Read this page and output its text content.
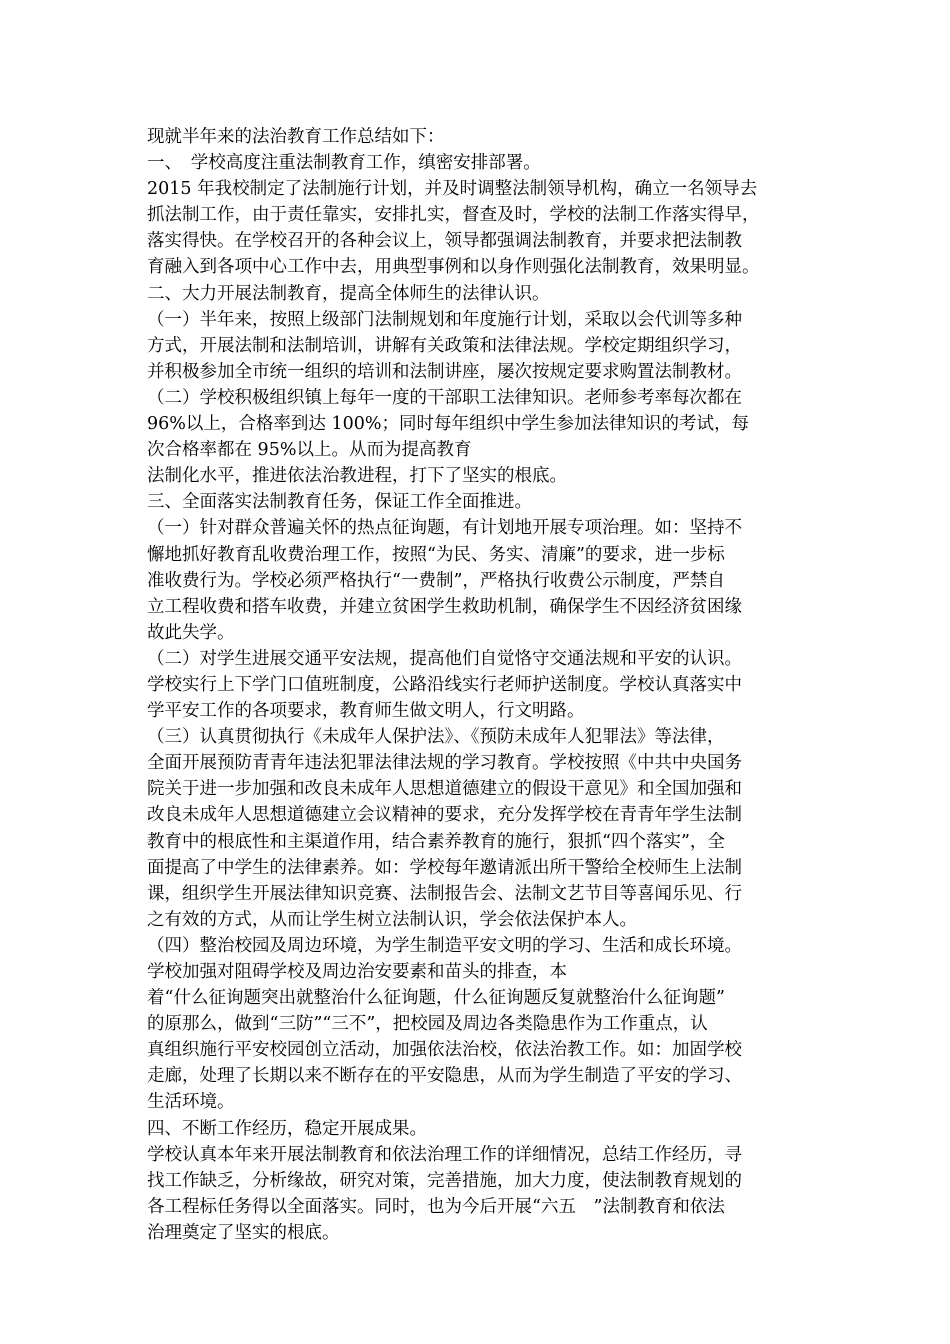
现就半年来的法治教育工作总结如下：
一、　学校高度注重法制教育工作，缜密安排部署。
2015 年我校制定了法制施行计划，并及时调整法制领导机构，确立一名领导去
抓法制工作，由于责任靠实，安排扎实，督查及时，学校的法制工作落实得早，
落实得快。在学校召开的各种会议上，领导都强调法制教育，并要求把法制教
育融入到各项中心工作中去，用典型事例和以身作则强化法制教育，效果明显。
二、大力开展法制教育，提高全体师生的法律认识。
（一）半年来，按照上级部门法制规划和年度施行计划，采取以会代训等多种
方式，开展法制和法制培训，讲解有关政策和法律法规。学校定期组织学习，
并积极参加全市统一组织的培训和法制讲座，屡次按规定要求购置法制教材。
（二）学校积极组织镇上每年一度的干部职工法律知识。老师参考率每次都在
96%以上，合格率到达 100%；同时每年组织中学生参加法律知识的考试，每
次合格率都在 95%以上。从而为提高教育
法制化水平，推进依法治教进程，打下了坚实的根底。
三、全面落实法制教育任务，保证工作全面推进。
（一）针对群众普遍关怀的热点征询题，有计划地开展专项治理。如：坚持不
懈地抓好教育乱收费治理工作，按照“为民、务实、清廉”的要求，进一步标
准收费行为。学校必须严格执行“一费制”，严格执行收费公示制度，严禁自
立工程收费和搭车收费，并建立贫困学生救助机制，确保学生不因经济贫困缘
故此失学。
（二）对学生进展交通平安法规，提高他们自觉恪守交通法规和平安的认识。
学校实行上下学门口值班制度，公路沿线实行老师护送制度。学校认真落实中
学平安工作的各项要求，教育师生做文明人，行文明路。
（三）认真贯彻执行《未成年人保护法》、《预防未成年人犯罪法》等法律，
全面开展预防青青年违法犯罪法律法规的学习教育。学校按照《中共中央国务
院关于进一步加强和改良未成年人思想道德建立的假设干意见》和全国加强和
改良未成年人思想道德建立会议精神的要求，充分发挥学校在青青年学生法制
教育中的根底性和主渠道作用，结合素养教育的施行，狠抓“四个落实”，全
面提高了中学生的法律素养。如：学校每年邀请派出所干警给全校师生上法制
课，组织学生开展法律知识竞赛、法制报告会、法制文艺节目等喜闻乐见、行
之有效的方式，从而让学生树立法制认识，学会依法保护本人。
（四）整治校园及周边环境，为学生制造平安文明的学习、生活和成长环境。
学校加强对阻碍学校及周边治安要素和苗头的排查，本
着“什么征询题突出就整治什么征询题，什么征询题反复就整治什么征询题”
的原那么，做到“三防”“三不”，把校园及周边各类隐患作为工作重点，认
真组织施行平安校园创立活动，加强依法治校，依法治教工作。如：加固学校
走廊，处理了长期以来不断存在的平安隐患，从而为学生制造了平安的学习、
生活环境。
四、不断工作经历，稳定开展成果。
学校认真本年来开展法制教育和依法治理工作的详细情况，总结工作经历，寻
找工作缺乏，分析缘故，研究对策，完善措施，加大力度，使法制教育规划的
各工程标任务得以全面落实。同时，也为今后开展“六五　”法制教育和依法
治理奠定了坚实的根底。
